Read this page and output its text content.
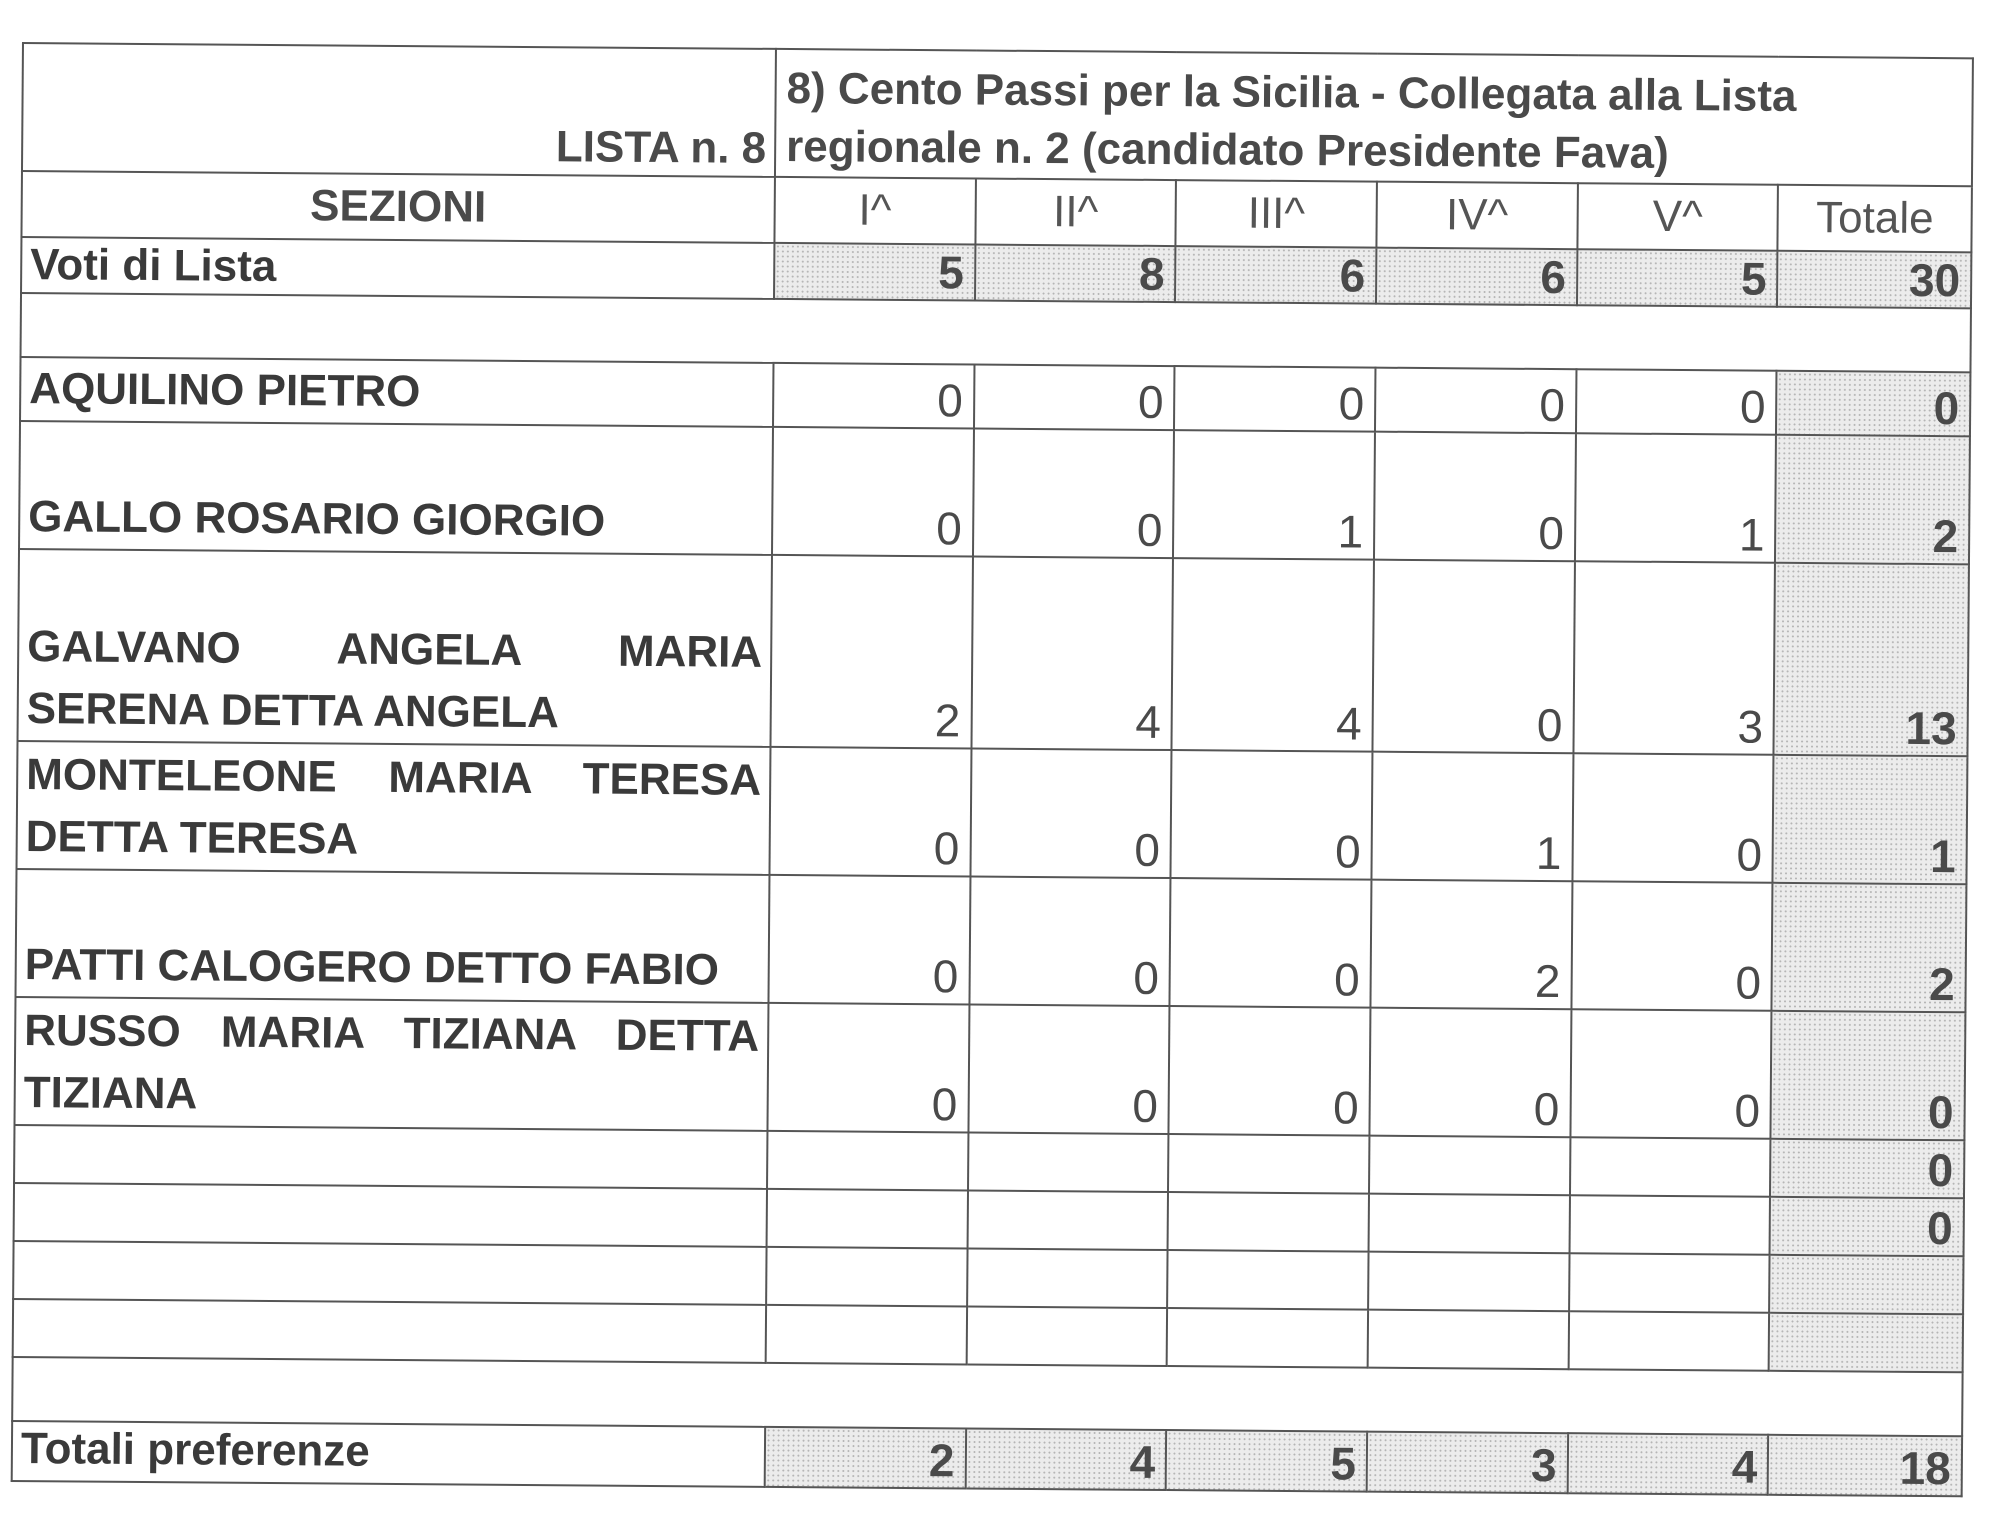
LISTA n. 8	8) Cento Passi per la Sicilia - Collegata alla Lista regionale n. 2 (candidato Presidente Fava)					
SEZIONI	I^	II^	III^	IV^	V^	Totale
Voti di Lista	5	8	6	6	5	30

AQUILINO PIETRO	0	0	0	0	0	0
GALLO ROSARIO GIORGIO	0	0	1	0	1	2
GALVANO ANGELA MARIA SERENA DETTA ANGELA	2	4	4	0	3	13
MONTELEONE MARIA TERESA DETTA TERESA	0	0	0	1	0	1
PATTI CALOGERO DETTO FABIO	0	0	0	2	0	2
RUSSO MARIA TIZIANA DETTA TIZIANA	0	0	0	0	0	0
						0
						0

Totali preferenze	2	4	5	3	4	18
